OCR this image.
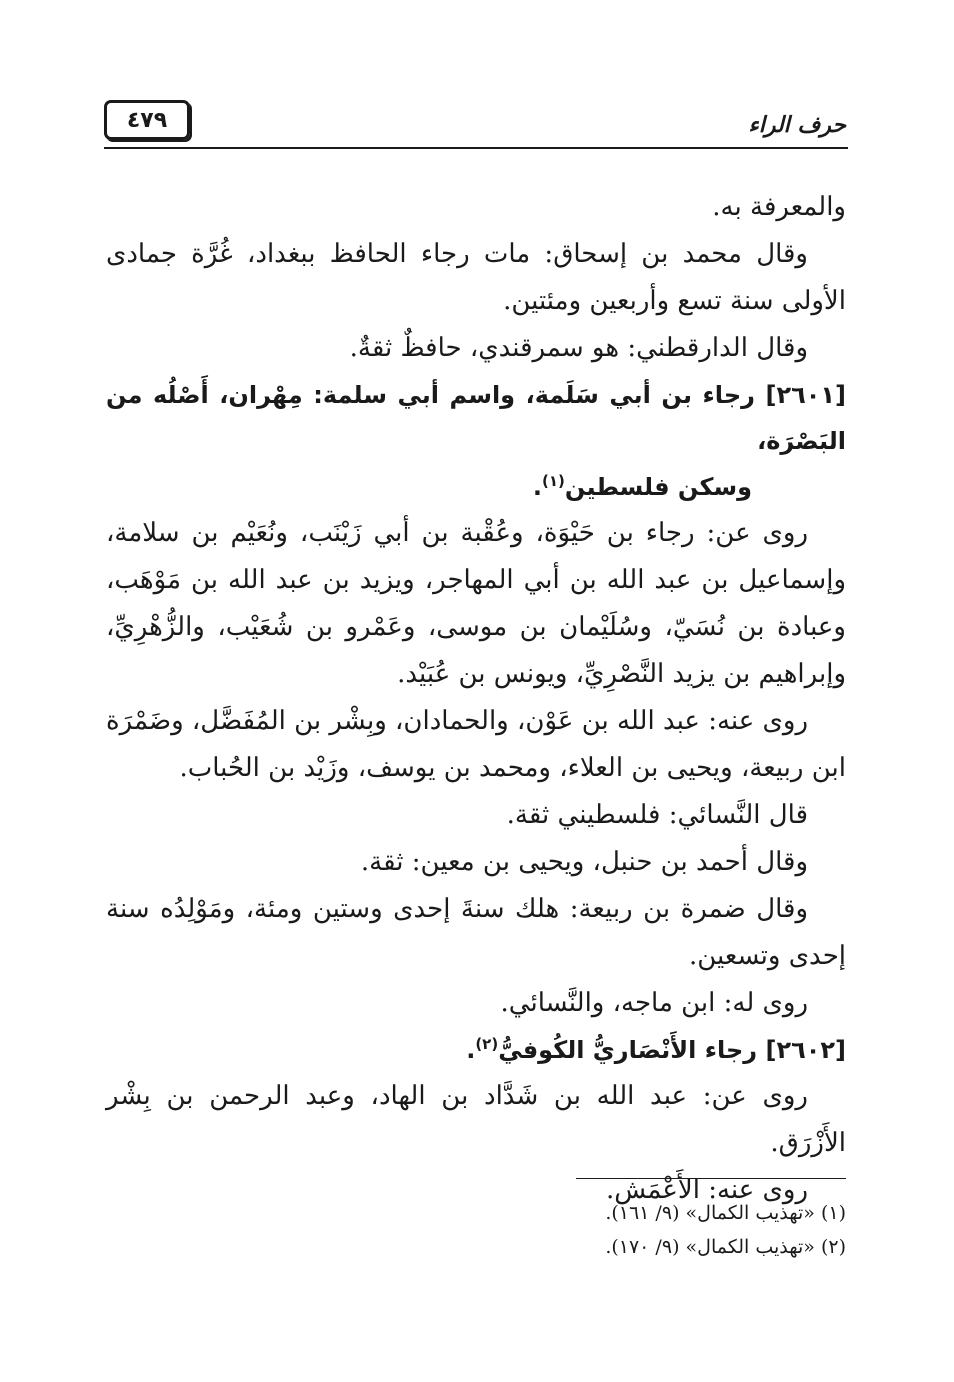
٤٧٩	حرف الراء

والمعرفة به.

وقال محمد بن إسحاق: مات رجاء الحافظ ببغداد، غُرَّة جمادى الأولى سنة تسع وأربعين ومئتين.

وقال الدارقطني: هو سمرقندي، حافظٌ ثقةٌ.

[٢٦٠١] رجاء بن أبي سَلَمة، واسم أبي سلمة: مِهْران، أَصْلُه من البَصْرَة،

وسكن فلسطين$^{(١)}$.

روى عن: رجاء بن حَيْوَة، وعُقْبة بن أبي زَيْنَب، ونُعَيْم بن سلامة، وإسماعيل بن عبد الله بن أبي المهاجر، ويزيد بن عبد الله بن مَوْهَب، وعبادة بن نُسَيّ، وسُلَيْمان بن موسى، وعَمْرو بن شُعَيْب، والزُّهْرِيِّ، وإبراهيم بن يزيد النَّصْرِيِّ، ويونس بن عُبَيْد.

روى عنه: عبد الله بن عَوْن، والحمادان، وبِشْر بن المُفَضَّل، وضَمْرَة ابن ربيعة، ويحيى بن العلاء، ومحمد بن يوسف، وزَيْد بن الحُباب.

قال النَّسائي: فلسطيني ثقة.

وقال أحمد بن حنبل، ويحيى بن معين: ثقة.

وقال ضمرة بن ربيعة: هلك سنةَ إحدى وستين ومئة، ومَوْلِدُه سنة إحدى وتسعين.

روى له: ابن ماجه، والنَّسائي.

[٢٦٠٢] رجاء الأَنْصَاريُّ الكُوفيُّ$^{(٢)}$.

روى عن: عبد الله بن شَدَّاد بن الهاد، وعبد الرحمن بن بِشْر الأَزْرَق.

روى عنه: الأَعْمَش.

(١) «تهذيب الكمال» (٩/ ١٦١).

(٢) «تهذيب الكمال» (٩/ ١٧٠).
